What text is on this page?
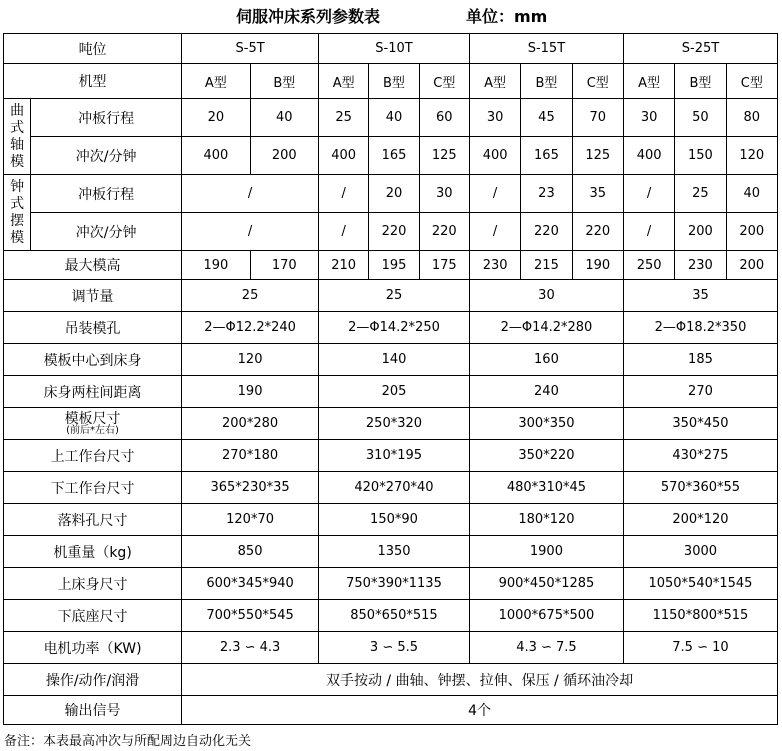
伺服冲床系列参数表	单位：mm
吨位		S-5T		S-10T			S-15T			S-25T		
机型		A型	B型	A型	B型	C型	A型	B型	C型	A型	B型	C型
曲式轴模	冲板行程	20	40	25	40	60	30	45	70	30	50	80
	冲次/分钟	400	200	400	165	125	400	165	125	400	150	120
钟式摆模	冲板行程	/		/	20	30	/	23	35	/	25	40
	冲次/分钟	/		/	220	220	/	220	220	/	200	200
最大模高		190	170	210	195	175	230	215	190	250	230	200
调节量		25		25			30			35		
吊装模孔		2—Φ12.2*240		2—Φ14.2*250			2—Φ14.2*280			2—Φ18.2*350		
模板中心到床身		120		140			160			185		
床身两柱间距离		190		205			240			270		

模板尺寸
(前后*左右)		200*280		250*320			300*350			350*450		
上工作台尺寸		270*180		310*195			350*220			430*275		
下工作台尺寸		365*230*35		420*270*40			480*310*45			570*360*55		
落料孔尺寸		120*70		150*90			180*120			200*120		
机重量（kg)		850		1350			1900			3000		
上床身尺寸		600*345*940		750*390*1135			900*450*1285			1050*540*1545		
下底座尺寸		700*550*545		850*650*515			1000*675*500			1150*800*515		
电机功率（KW)		2.3 ∽ 4.3		3 ∽ 5.5			4.3 ∽ 7.5			7.5 ∽ 10		
操作/动作/润滑		双手按动 / 曲轴、钟摆、拉伸、保压 / 循环油冷却										
输出信号		4个										
备注：本表最高冲次与所配周边自动化无关
